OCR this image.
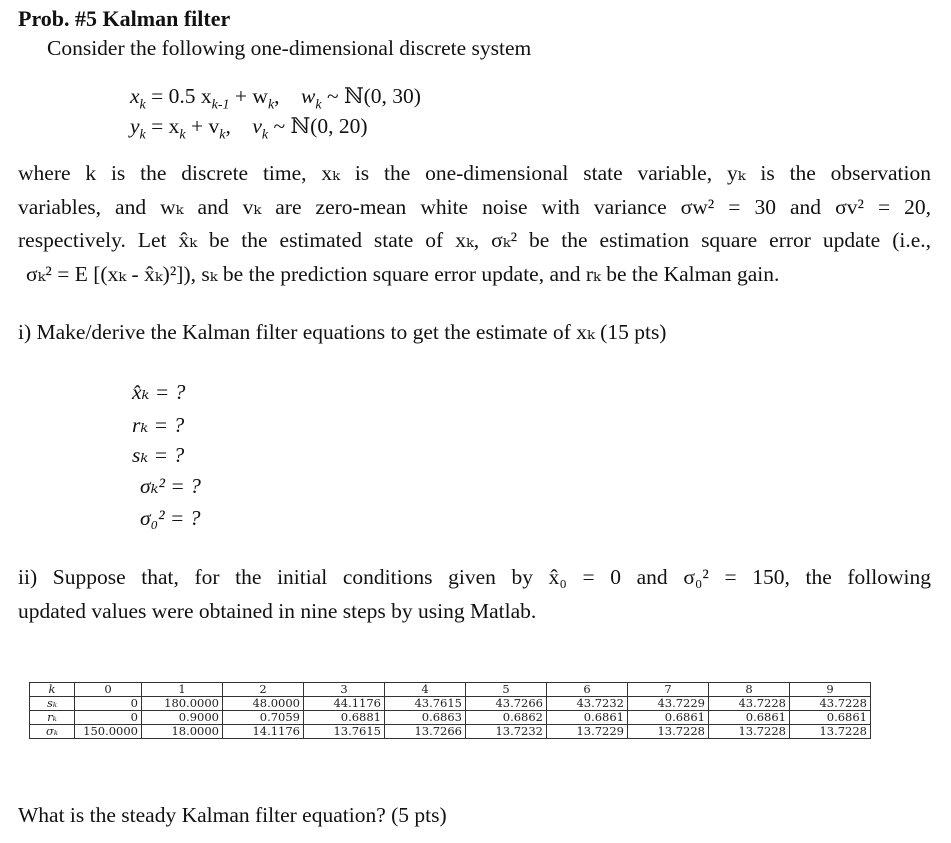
Prob. #5 Kalman filter
Consider the following one-dimensional discrete system
$x_k = 0.5$ $x_{k-1} + w_k$,    $w_k$ ~ ℕ(0, 30)
$y_k = x_k + v_k$,    $v_k$ ~ ℕ(0, 20)
where k is the discrete time, xₖ is the one-dimensional state variable, yₖ is the observation
variables, and wₖ and vₖ are zero-mean white noise with variance σw² = 30 and σv² = 20,
respectively. Let x̂ₖ be the estimated state of xₖ, σₖ² be the estimation square error update (i.e.,
σₖ² = E [(xₖ - x̂ₖ)²]), sₖ be the prediction square error update, and rₖ be the Kalman gain.
i) Make/derive the Kalman filter equations to get the estimate of xₖ (15 pts)
x̂ₖ = ?
rₖ = ?
sₖ = ?
σₖ² = ?
σ₀² = ?
ii) Suppose that, for the initial conditions given by x̂₀ = 0 and σ₀² = 150, the following
updated values were obtained in nine steps by using Matlab.
k	0	1	2	3	4	5	6	7	8	9
sₖ	0	180.0000	48.0000	44.1176	43.7615	43.7266	43.7232	43.7229	43.7228	43.7228
rₖ	0	0.9000	0.7059	0.6881	0.6863	0.6862	0.6861	0.6861	0.6861	0.6861
σₖ	150.0000	18.0000	14.1176	13.7615	13.7266	13.7232	13.7229	13.7228	13.7228	13.7228
What is the steady Kalman filter equation? (5 pts)
